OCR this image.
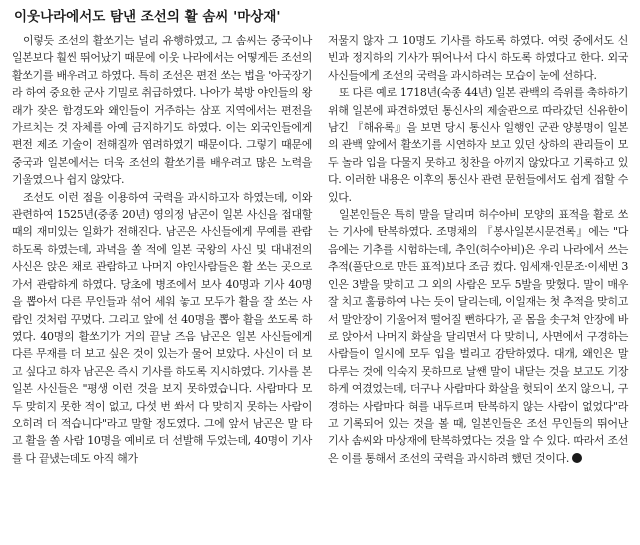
이웃나라에서도 탐낸 조선의 활 솜씨 '마상재'

이렇듯 조선의 활쏘기는 널리 유행하였고, 그 솜씨는 중국이나 일본보다 훨씬 뛰어났기 때문에 이웃 나라에서는 어떻게든 조선의 활쏘기를 배우려고 하였다. 특히 조선은 편전 쏘는 법을 '아국장기 라 하여 중요한 군사 기밀로 취급하였다. 나아가 북방 야인들의 왕래가 잦은 함경도와 왜인들이 거주하는 삼포 지역에서는 편전을 가르치는 것 자체를 아예 금지하기도 하였다. 이는 외국인들에게 편전 제조 기술이 전해질까 염려하였기 때문이다. 그렇기 때문에 중국과 일본에서는 더욱 조선의 활쏘기를 배우려고 많은 노력을 기울였으나 쉽지 않았다.

조선도 이런 점을 이용하여 국력을 과시하고자 하였는데, 이와 관련하여 1525년(중종 20년) 영의정 남곤이 일본 사신을 접대할 때의 재미있는 일화가 전해진다. 남곤은 사신들에게 무예를 관람하도록 하였는데, 과녁을 쏠 적에 일본 국왕의 사신 및 대내전의 사신은 앉은 채로 관람하고 나머지 야인사람들은 활 쏘는 곳으로 가서 관람하게 하였다. 당초에 병조에서 보사 40명과 기사 40명을 뽑아서 다른 무인들과 섞어 세워 놓고 모두가 활을 잘 쏘는 사람인 것처럼 꾸몄다. 그리고 앞에 선 40명을 뽑아 활을 쏘도록 하였다. 40명의 활쏘기가 거의 끝날 즈음 남곤은 일본 사신들에게 다른 무재를 더 보고 싶은 것이 있는가 물어 보았다. 사신이 더 보고 싶다고 하자 남곤은 즉시 기사를 하도록 지시하였다. 기사를 본 일본 사신들은 "평생 이런 것을 보지 못하였습니다. 사람마다 모두 맞히지 못한 적이 없고, 다섯 번 쏴서 다 맞히지 못하는 사람이 오히려 더 적습니다"라고 말할 정도였다. 그에 앞서 남곤은 말 타고 활을 쏠 사람 10명을 예비로 더 선발해 두었는데, 40명이 기사를 다 끝냈는데도 아직 해가

저물지 않자 그 10명도 기사를 하도록 하였다. 여럿 중에서도 신빈과 정지하의 기사가 뛰어나서 다시 하도록 하였다고 한다. 외국 사신들에게 조선의 국력을 과시하려는 모습이 눈에 선하다.

또 다른 예로 1718년(숙종 44년) 일본 관백의 즉위를 축하하기 위해 일본에 파견하였던 통신사의 제술관으로 따라갔던 신유한이 남긴 『해유록』을 보면 당시 통신사 일행인 군관 양봉명이 일본의 관백 앞에서 활쏘기를 시연하자 보고 있던 상하의 관리들이 모두 놀라 입을 다물지 못하고 칭찬을 아끼지 않았다고 기록하고 있다. 이러한 내용은 이후의 통신사 관련 문헌들에서도 쉽게 접할 수 있다.

일본인들은 특히 말을 달리며 허수아비 모양의 표적을 활로 쏘는 기사에 탄복하였다. 조명채의 『봉사일본시문견록』에는 "다음에는 기추를 시험하는데, 추인(허수아비)은 우리 나라에서 쓰는 추적(풀단으로 만든 표적)보다 조금 컸다. 임세재·인문조·이세번 3인은 3발을 맞히고 그 외의 사람은 모두 5발을 맞혔다. 말이 매우 잘 치고 훌륭하여 나는 듯이 달리는데, 이일재는 첫 추적을 맞히고서 말안장이 기울어져 떨어질 뻔하다가, 곧 몸을 솟구쳐 안장에 바로 앉아서 나머지 화살을 달리면서 다 맞히니, 사면에서 구경하는 사람들이 일시에 모두 입을 벌리고 감탄하였다. 대개, 왜인은 말 다루는 것에 익숙지 못하므로 날쌘 말이 내닫는 것을 보고도 기장하게 여겼었는데, 더구나 사람마다 화살을 헛되이 쏘지 않으니, 구경하는 사람마다 혀를 내두르며 탄복하지 않는 사람이 없었다"라고 기록되어 있는 것을 볼 때, 일본인들은 조선 무인들의 뛰어난 기사 솜씨와 마상재에 탄복하였다는 것을 알 수 있다. 따라서 조선은 이를 통해서 조선의 국력을 과시하려 했던 것이다.
